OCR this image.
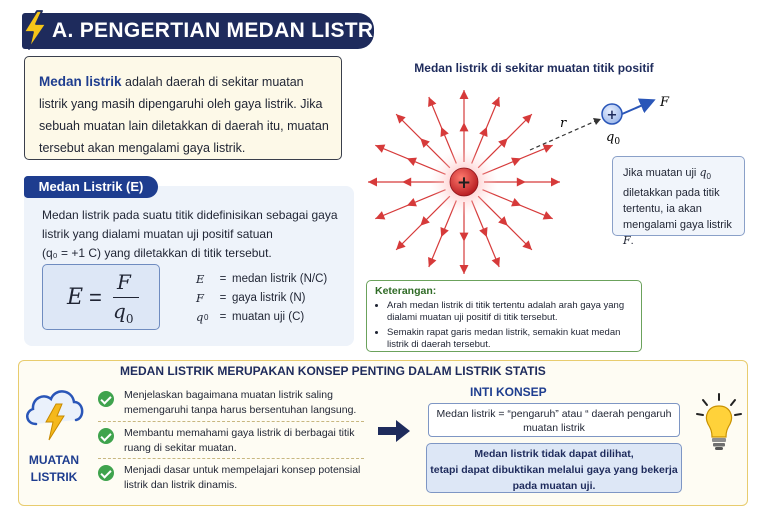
A. PENGERTIAN MEDAN LISTRIK
Medan listrik adalah daerah di sekitar muatan listrik yang masih dipengaruhi oleh gaya listrik. Jika sebuah muatan lain diletakkan di daerah itu, muatan tersebut akan mengalami gaya listrik.
Medan Listrik (E)
Medan listrik pada suatu titik didefinisikan sebagai gaya listrik yang dialami muatan uji positif satuan
(q₀ = +1 C) yang diletakkan di titik tersebut.
E =
F
$q_0$
E	= medan listrik (N/C)
F	= gaya listrik (N)
q 0 = muatan uji (C)
Medan listrik di sekitar muatan titik positif
+
r
F
+
$q_0$
Jika muatan uji $q_0$ diletakkan pada titik tertentu, ia akan mengalami gaya listrik F.
Keterangan:
• Arah medan listrik di titik tertentu adalah arah gaya yang dialami muatan uji positif di titik tersebut.
• Semakin rapat garis medan listrik, semakin kuat medan listrik di daerah tersebut.
MEDAN LISTRIK MERUPAKAN KONSEP PENTING DALAM LISTRIK STATIS
MUATAN
LISTRIK
Menjelaskan bagaimana muatan listrik saling memengaruhi tanpa harus bersentuhan langsung.
Membantu memahami gaya listrik di berbagai titik ruang di sekitar muatan.
Menjadi dasar untuk mempelajari konsep potensial listrik dan listrik dinamis.
INTI KONSEP
Medan listrik = “pengaruh” atau “ daerah pengaruh muatan listrik
Medan listrik tidak dapat dilihat,
tetapi dapat dibuktikan melalui gaya yang bekerja
pada muatan uji.
